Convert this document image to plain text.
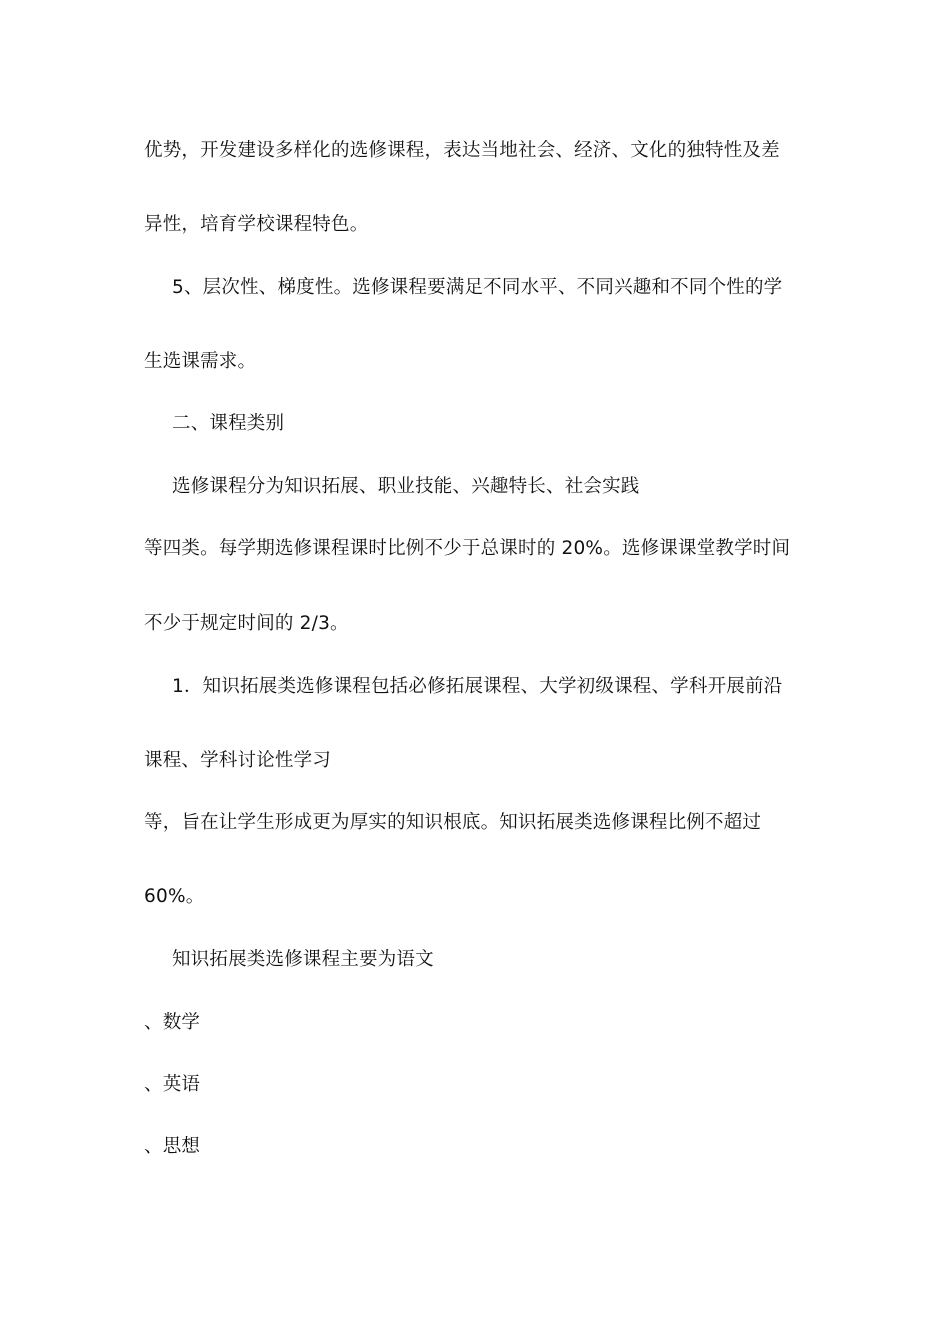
优势，开发建设多样化的选修课程，表达当地社会、经济、文化的独特性及差
异性，培育学校课程特色。
5、层次性、梯度性。选修课程要满足不同水平、不同兴趣和不同个性的学
生选课需求。
二、课程类别
选修课程分为知识拓展、职业技能、兴趣特长、社会实践
等四类。每学期选修课程课时比例不少于总课时的 20%。选修课课堂教学时间
不少于规定时间的 2/3。
1．知识拓展类选修课程包括必修拓展课程、大学初级课程、学科开展前沿
课程、学科讨论性学习
等，旨在让学生形成更为厚实的知识根底。知识拓展类选修课程比例不超过
60%。
知识拓展类选修课程主要为语文
、数学
、英语
、思想
